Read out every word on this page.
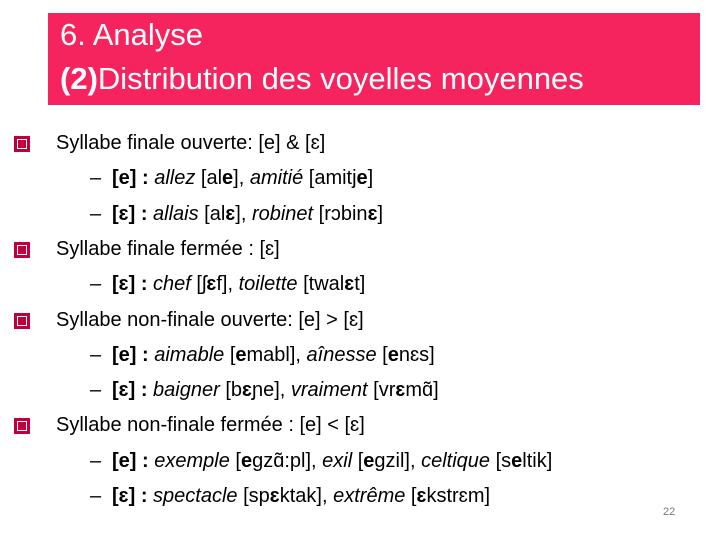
6. Analyse
(2)Distribution des voyelles moyennes
Syllabe finale ouverte: [e] & [ɛ]
– [e] : allez [ale], amitié [amitje]
– [ɛ] : allais [alɛ], robinet [rɔbinɛ]
Syllabe finale fermée : [ɛ]
– [ɛ] : chef [ʃɛf], toilette [twalɛt]
Syllabe non-finale ouverte: [e] > [ɛ]
– [e] : aimable [emabl], aînesse [enɛs]
– [ɛ] : baigner [bɛɲe], vraiment [vrɛmɑ̃]
Syllabe non-finale fermée : [e] < [ɛ]
– [e] : exemple [egzɑ̃:pl], exil [egzil], celtique [seltik]
– [ɛ] : spectacle [spɛktak], extrême [ɛkstrɛm]
22
